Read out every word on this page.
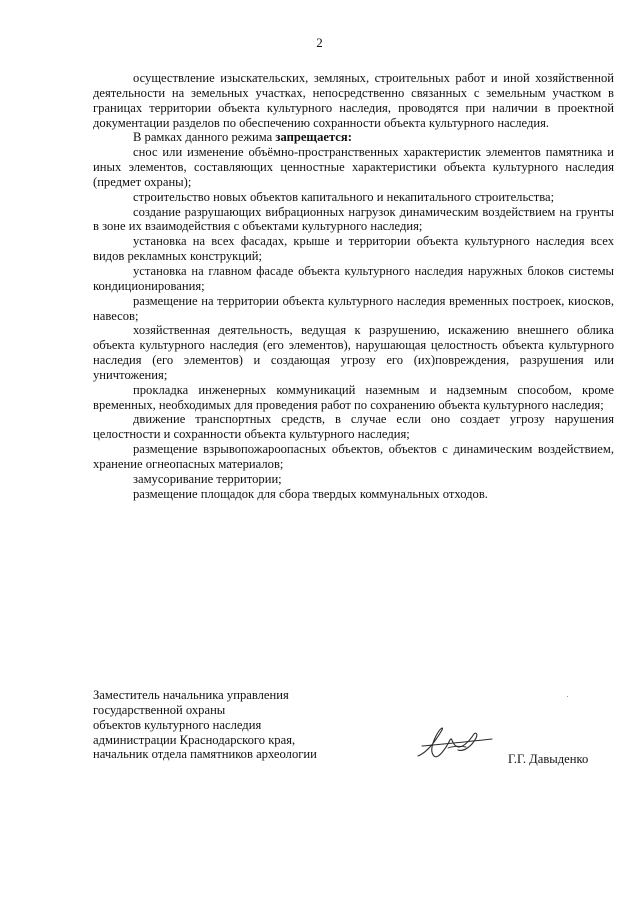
2

осуществление изыскательских, земляных, строительных работ и иной хозяйственной деятельности на земельных участках, непосредственно связанных с земельным участком в границах территории объекта культурного наследия, проводятся при наличии в проектной документации разделов по обеспечению сохранности объекта культурного наследия.

В рамках данного режима запрещается:

снос или изменение объёмно-пространственных характеристик элементов памятника и иных элементов, составляющих ценностные характеристики объекта культурного наследия (предмет охраны);

строительство новых объектов капитального и некапитального строительства;

создание разрушающих вибрационных нагрузок динамическим воздействием на грунты в зоне их взаимодействия с объектами культурного наследия;

установка на всех фасадах, крыше и территории объекта культурного наследия всех видов рекламных конструкций;

установка на главном фасаде объекта культурного наследия наружных блоков системы кондиционирования;

размещение на территории объекта культурного наследия временных построек, киосков, навесов;

хозяйственная деятельность, ведущая к разрушению, искажению внешнего облика объекта культурного наследия (его элементов), нарушающая целостность объекта культурного наследия (его элементов) и создающая угрозу его (их)повреждения, разрушения или уничтожения;

прокладка инженерных коммуникаций наземным и надземным способом, кроме временных, необходимых для проведения работ по сохранению объекта культурного наследия;

движение транспортных средств, в случае если оно создает угрозу нарушения целостности и сохранности объекта культурного наследия;

размещение взрывопожароопасных объектов, объектов с динамическим воздействием, хранение огнеопасных материалов;

замусоривание территории;

размещение площадок для сбора твердых коммунальных отходов.

Заместитель начальника управления
государственной охраны
объектов культурного наследия
администрации Краснодарского края,
начальник отдела памятников археологии	Г.Г. Давыденко
